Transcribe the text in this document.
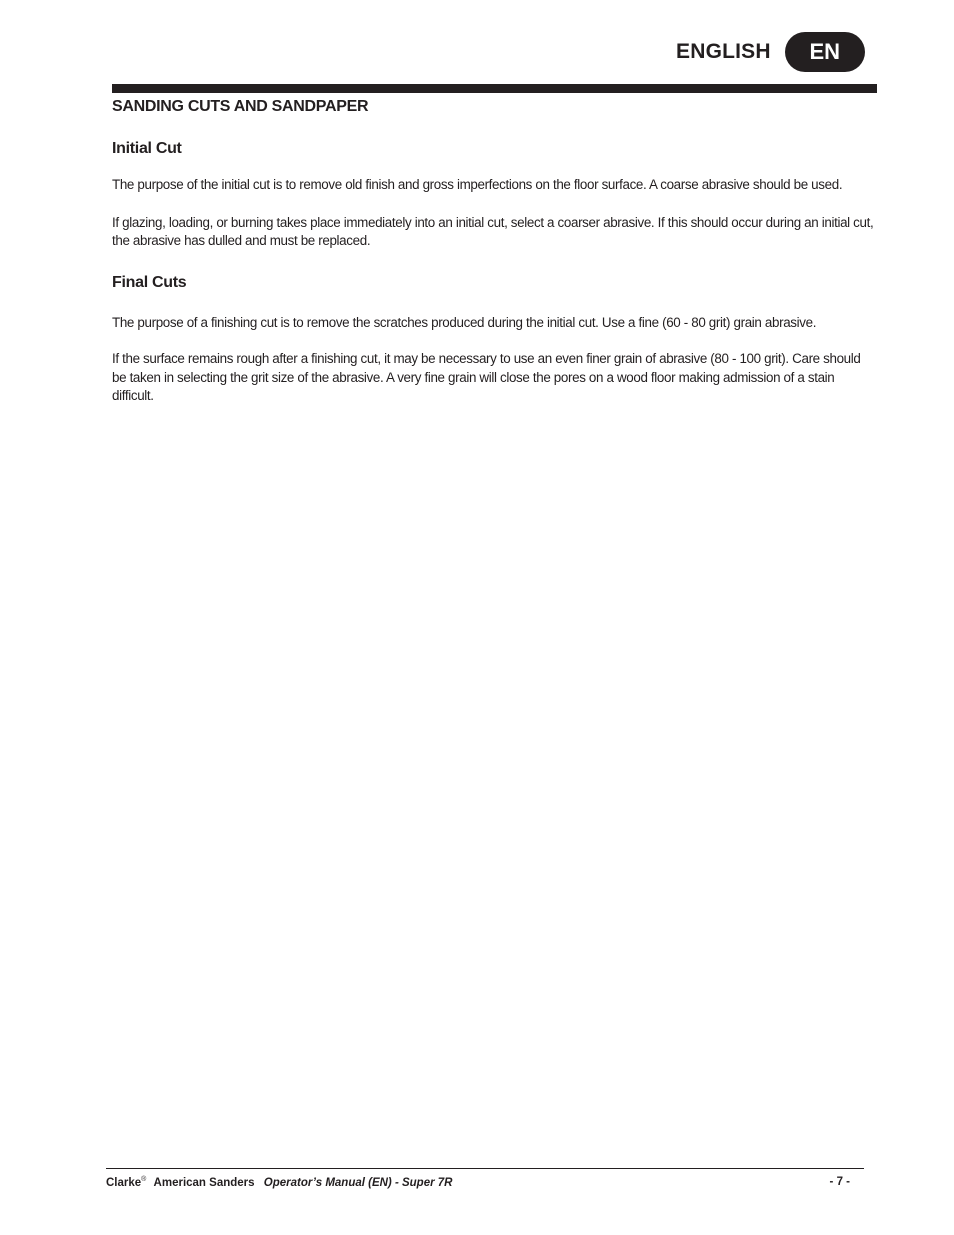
ENGLISH	EN
SANDING CUTS AND SANDPAPER
Initial Cut

The purpose of the initial cut is to remove old finish and gross imperfections on the floor surface. A coarse abrasive should be used.

If glazing, loading, or burning takes place immediately into an initial cut, select a coarser abrasive. If this should occur during an initial cut, the abrasive has dulled and must be replaced.

Final Cuts

The purpose of a finishing cut is to remove the scratches produced during the initial cut. Use a fine (60 - 80 grit) grain abrasive.

If the surface remains rough after a finishing cut, it may be necessary to use an even finer grain of abrasive (80 - 100 grit). Care should be taken in selecting the grit size of the abrasive. A very fine grain will close the pores on a wood floor making admission of a stain difficult.

Clarke® American Sanders Operator’s Manual (EN) - Super 7R	- 7 -
